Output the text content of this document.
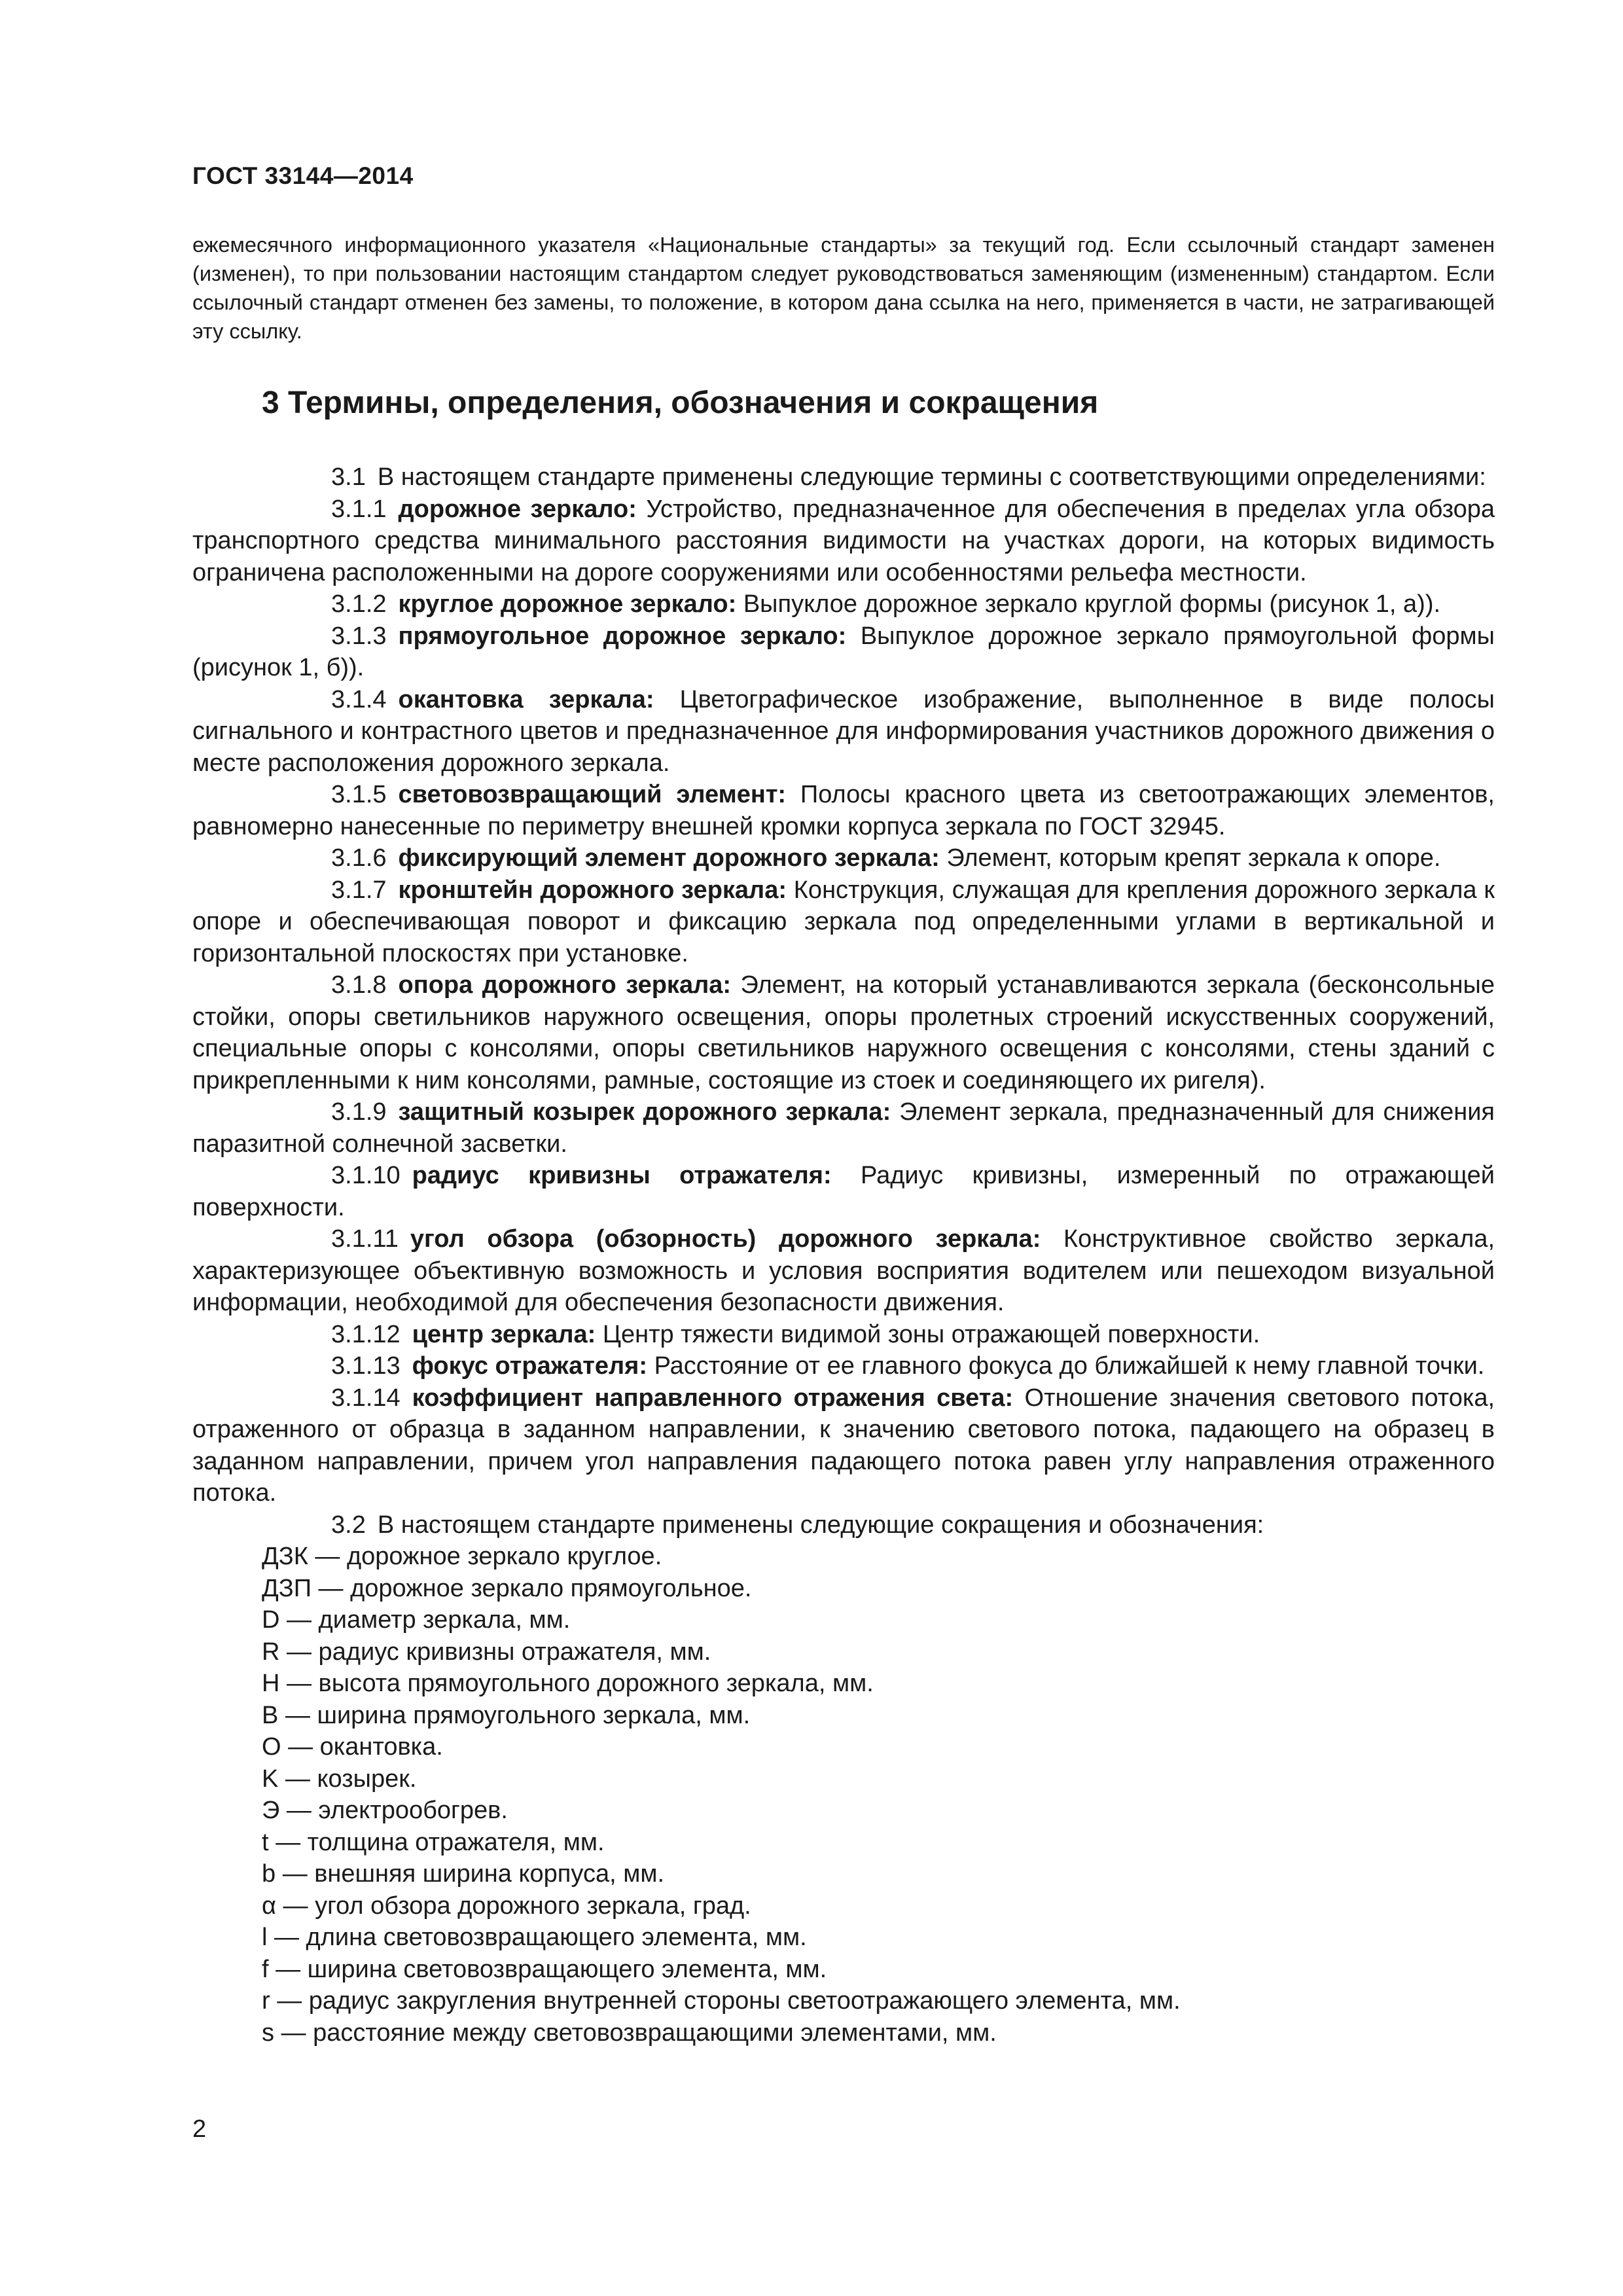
ГОСТ 33144—2014

ежемесячного информационного указателя «Национальные стандарты» за текущий год. Если ссылочный стандарт заменен (изменен), то при пользовании настоящим стандартом следует руководствоваться заменяющим (измененным) стандартом. Если ссылочный стандарт отменен без замены, то положение, в котором дана ссылка на него, применяется в части, не затрагивающей эту ссылку.

3 Термины, определения, обозначения и сокращения

3.1 В настоящем стандарте применены следующие термины с соответствующими определениями:

3.1.1 дорожное зеркало: Устройство, предназначенное для обеспечения в пределах угла обзора транспортного средства минимального расстояния видимости на участках дороги, на которых видимость ограничена расположенными на дороге сооружениями или особенностями рельефа местности.

3.1.2 круглое дорожное зеркало: Выпуклое дорожное зеркало круглой формы (рисунок 1, а)).

3.1.3 прямоугольное дорожное зеркало: Выпуклое дорожное зеркало прямоугольной формы (рисунок 1, б)).

3.1.4 окантовка зеркала: Цветографическое изображение, выполненное в виде полосы сигнального и контрастного цветов и предназначенное для информирования участников дорожного движения о месте расположения дорожного зеркала.

3.1.5 световозвращающий элемент: Полосы красного цвета из светоотражающих элементов, равномерно нанесенные по периметру внешней кромки корпуса зеркала по ГОСТ 32945.

3.1.6 фиксирующий элемент дорожного зеркала: Элемент, которым крепят зеркала к опоре.

3.1.7 кронштейн дорожного зеркала: Конструкция, служащая для крепления дорожного зеркала к опоре и обеспечивающая поворот и фиксацию зеркала под определенными углами в вертикальной и горизонтальной плоскостях при установке.

3.1.8 опора дорожного зеркала: Элемент, на который устанавливаются зеркала (бесконсольные стойки, опоры светильников наружного освещения, опоры пролетных строений искусственных сооружений, специальные опоры с консолями, опоры светильников наружного освещения с консолями, стены зданий с прикрепленными к ним консолями, рамные, состоящие из стоек и соединяющего их ригеля).

3.1.9 защитный козырек дорожного зеркала: Элемент зеркала, предназначенный для снижения паразитной солнечной засветки.

3.1.10 радиус кривизны отражателя: Радиус кривизны, измеренный по отражающей поверхности.

3.1.11 угол обзора (обзорность) дорожного зеркала: Конструктивное свойство зеркала, характеризующее объективную возможность и условия восприятия водителем или пешеходом визуальной информации, необходимой для обеспечения безопасности движения.

3.1.12 центр зеркала: Центр тяжести видимой зоны отражающей поверхности.

3.1.13 фокус отражателя: Расстояние от ее главного фокуса до ближайшей к нему главной точки.

3.1.14 коэффициент направленного отражения света: Отношение значения светового потока, отраженного от образца в заданном направлении, к значению светового потока, падающего на образец в заданном направлении, причем угол направления падающего потока равен углу направления отраженного потока.

3.2 В настоящем стандарте применены следующие сокращения и обозначения:

ДЗК — дорожное зеркало круглое.

ДЗП — дорожное зеркало прямоугольное.

D — диаметр зеркала, мм.

R — радиус кривизны отражателя, мм.

H — высота прямоугольного дорожного зеркала, мм.

B — ширина прямоугольного зеркала, мм.

O — окантовка.

K — козырек.

Э — электрообогрев.

t — толщина отражателя, мм.

b — внешняя ширина корпуса, мм.

α — угол обзора дорожного зеркала, град.

l — длина световозвращающего элемента, мм.

f — ширина световозвращающего элемента, мм.

r — радиус закругления внутренней стороны светоотражающего элемента, мм.

s — расстояние между световозвращающими элементами, мм.

2
